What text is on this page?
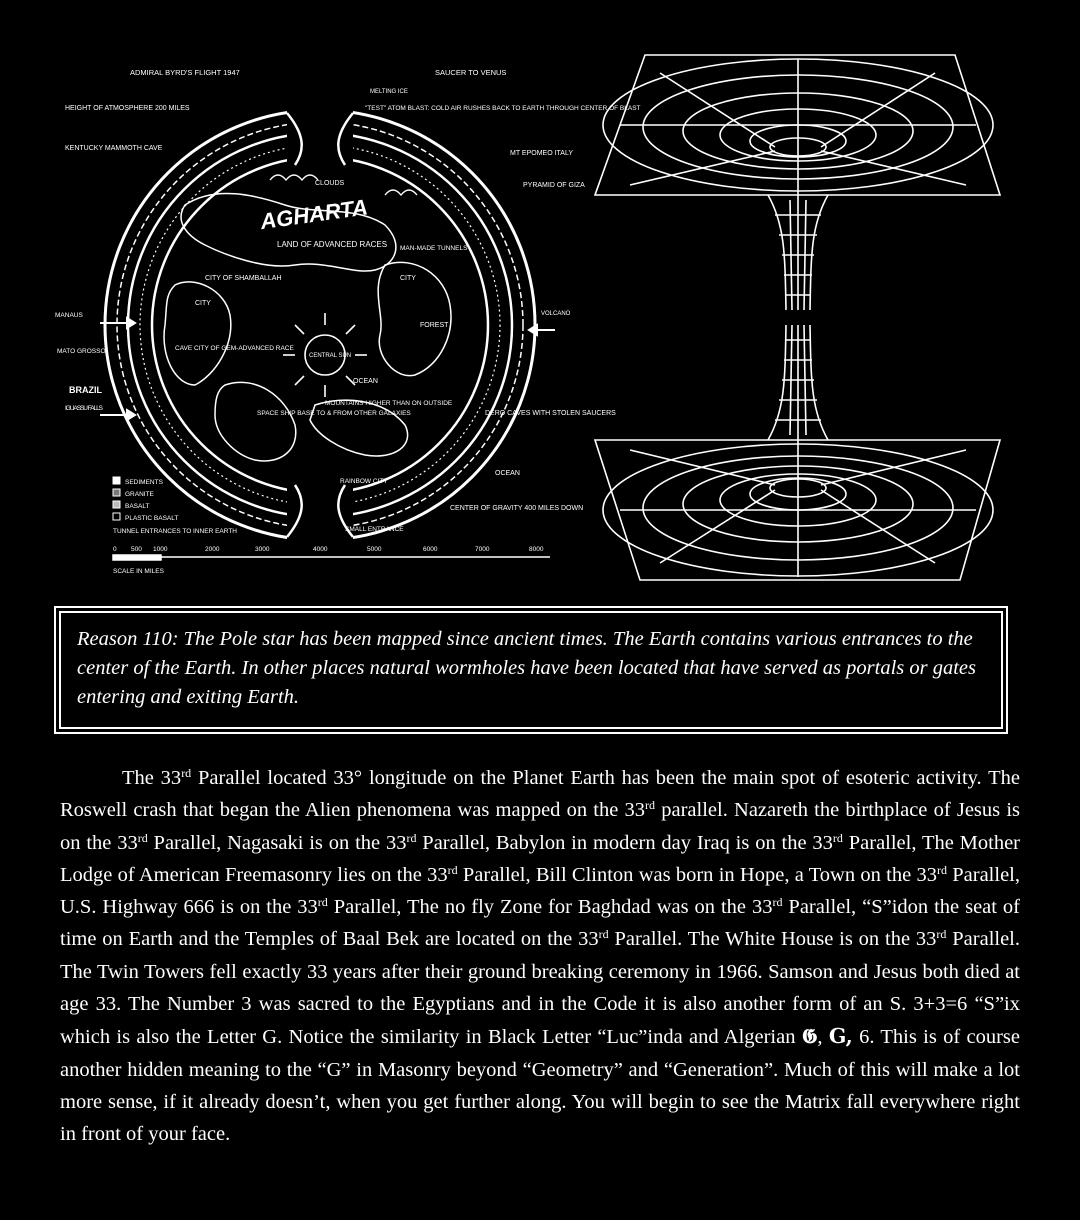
ADMIRAL BYRD'S FLIGHT 1947
HEIGHT OF ATMOSPHERE 200 MILES
KENTUCKY MAMMOTH CAVE
SAUCER TO VENUS
MELTING ICE
"TEST" ATOM BLAST: COLD AIR RUSHES BACK TO EARTH THROUGH CENTER OF BLAST
MT EPOMEO ITALY
PYRAMID OF GIZA
CLOUDS
AGHARTA
LAND OF ADVANCED RACES
CITY OF SHAMBALLAH
MAN-MADE TUNNELS
CITY
CITY
CENTRAL SUN
FOREST
MANAUS
MATO GROSSO
BRAZIL
IGUASSU FALLS
CAVE CITY OF GEM-ADVANCED RACE
OCEAN
MOUNTAINS HIGHER THAN ON OUTSIDE
SPACE SHIP BASE TO & FROM OTHER GALAXIES	DERO CAVES WITH STOLEN SAUCERS
VOLCANO
OCEAN
RAINBOW CITY
CENTER OF GRAVITY 400 MILES DOWN
SMALL ENTRANCE
SEDIMENTS
GRANITE
BASALT
PLASTIC BASALT
TUNNEL ENTRANCES TO INNER EARTH
0 500 1000	2000	3000	4000	5000	6000	7000	8000
SCALE IN MILES

Reason 110: The Pole star has been mapped since ancient times. The Earth contains various entrances to the center of the Earth. In other places natural wormholes have been located that have served as portals or gates entering and exiting Earth.

The 33rd Parallel located 33° longitude on the Planet Earth has been the main spot of esoteric activity. The Roswell crash that began the Alien phenomena was mapped on the 33rd parallel. Nazareth the birthplace of Jesus is on the 33rd Parallel, Nagasaki is on the 33rd Parallel, Babylon in modern day Iraq is on the 33rd Parallel, The Mother Lodge of American Freemasonry lies on the 33rd Parallel, Bill Clinton was born in Hope, a Town on the 33rd Parallel, U.S. Highway 666 is on the 33rd Parallel, The no fly Zone for Baghdad was on the 33rd Parallel, “S”idon the seat of time on Earth and the Temples of Baal Bek are located on the 33rd Parallel. The White House is on the 33rd Parallel. The Twin Towers fell exactly 33 years after their ground breaking ceremony in 1966. Samson and Jesus both died at age 33. The Number 3 was sacred to the Egyptians and in the Code it is also another form of an S. 3+3=6 “S”ix which is also the Letter G. Notice the similarity in Black Letter “Luc”inda and Algerian 𝕲, G, 6. This is of course another hidden meaning to the “G” in Masonry beyond “Geometry” and “Generation”. Much of this will make a lot more sense, if it already doesn’t, when you get further along. You will begin to see the Matrix fall everywhere right in front of your face.
